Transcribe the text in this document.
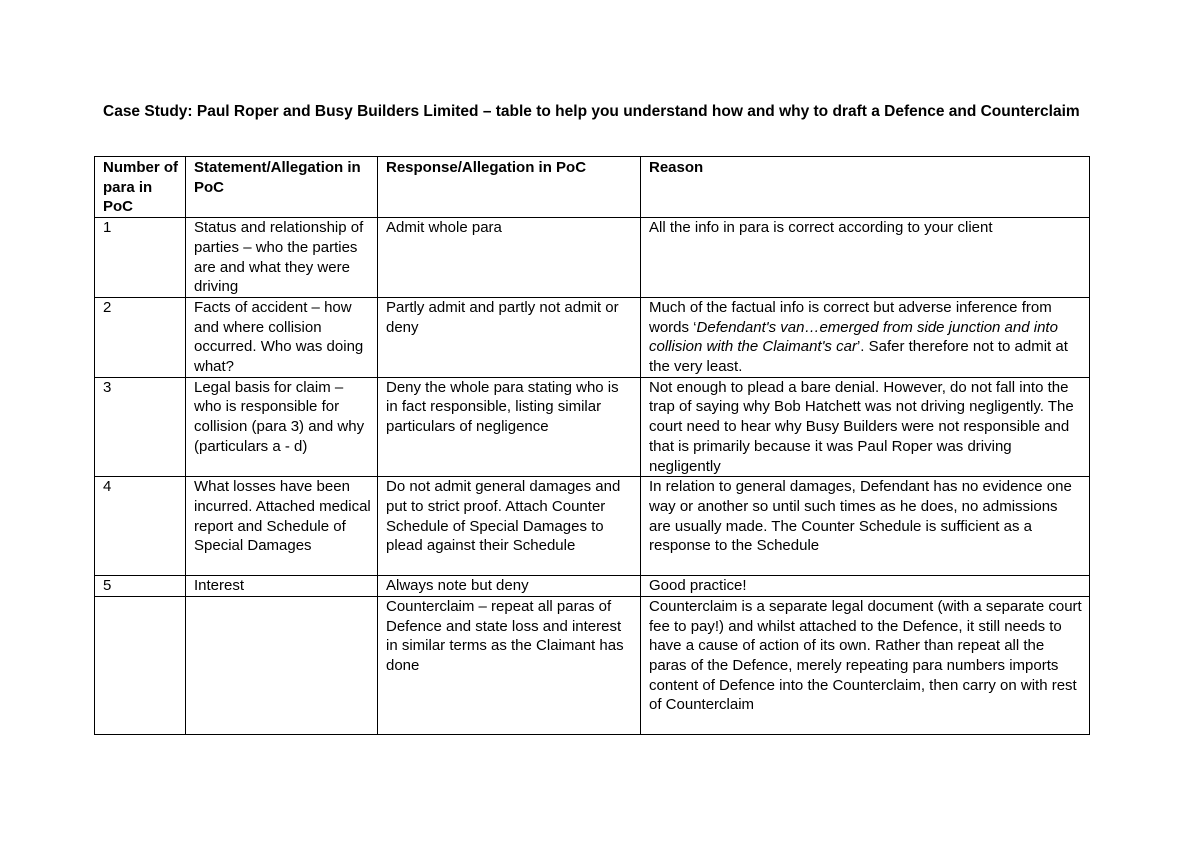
Case Study: Paul Roper and Busy Builders Limited – table to help you understand how and why to draft a Defence and Counterclaim

Number of para in PoC	Statement/Allegation in PoC	Response/Allegation in PoC	Reason
1	Status and relationship of parties – who the parties are and what they were driving	Admit whole para	All the info in para is correct according to your client
2	Facts of accident – how and where collision occurred. Who was doing what?	Partly admit and partly not admit or deny	Much of the factual info is correct but adverse inference from words ‘Defendant's van…emerged from side junction and into collision with the Claimant's car’. Safer therefore not to admit at the very least.
3	Legal basis for claim – who is responsible for collision (para 3) and why (particulars a - d)	Deny the whole para stating who is in fact responsible, listing similar particulars of negligence	Not enough to plead a bare denial. However, do not fall into the trap of saying why Bob Hatchett was not driving negligently. The court need to hear why Busy Builders were not responsible and that is primarily because it was Paul Roper was driving negligently
4	What losses have been incurred. Attached medical report and Schedule of Special Damages	Do not admit general damages and put to strict proof. Attach Counter Schedule of Special Damages to plead against their Schedule	In relation to general damages, Defendant has no evidence one way or another so until such times as he does, no admissions are usually made. The Counter Schedule is sufficient as a response to the Schedule
5	Interest	Always note but deny	Good practice!
		Counterclaim – repeat all paras of Defence and state loss and interest in similar terms as the Claimant has done	Counterclaim is a separate legal document (with a separate court fee to pay!) and whilst attached to the Defence, it still needs to have a cause of action of its own. Rather than repeat all the paras of the Defence, merely repeating para numbers imports content of Defence into the Counterclaim, then carry on with rest of Counterclaim
